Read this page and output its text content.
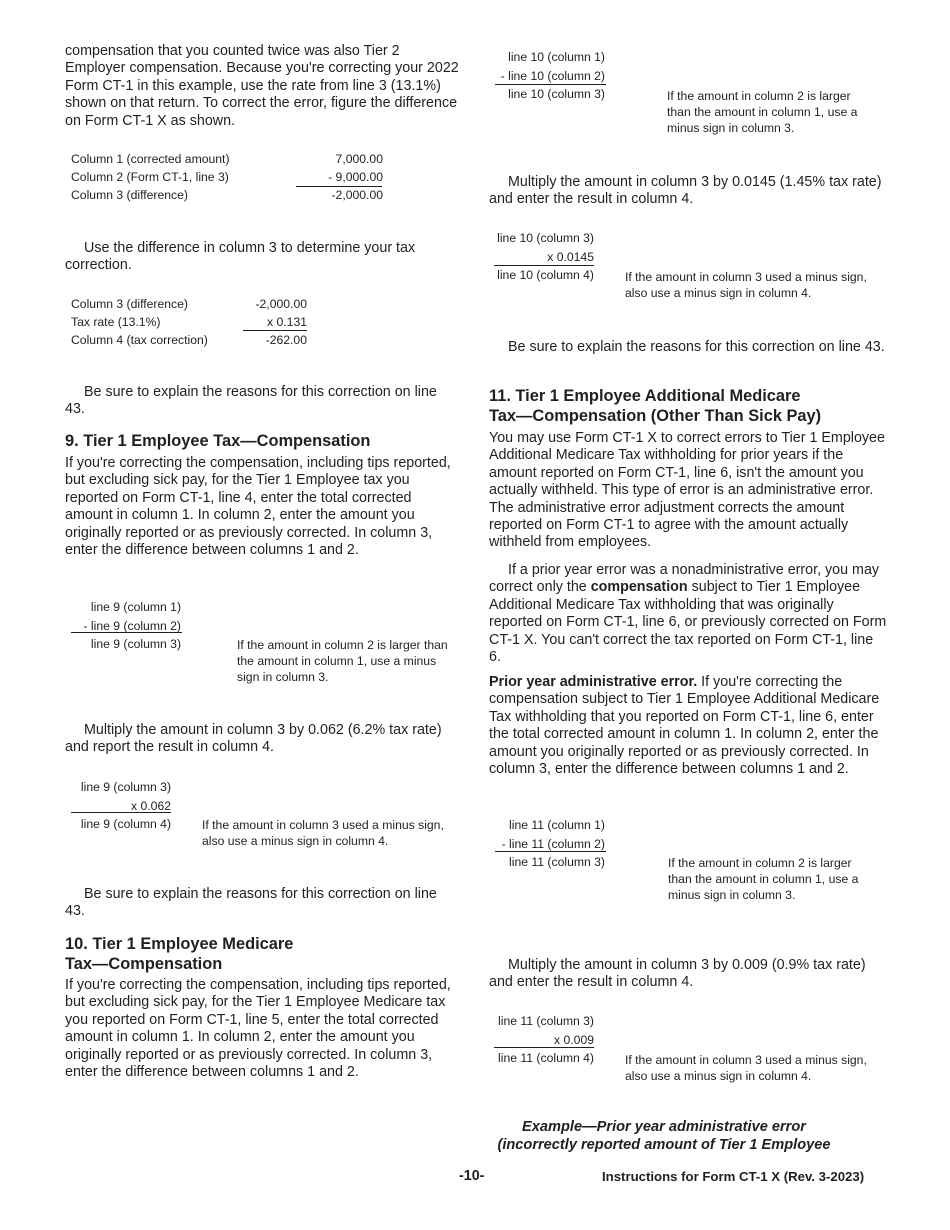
compensation that you counted twice was also Tier 2 Employer compensation. Because you're correcting your 2022 Form CT-1 in this example, use the rate from line 3 (13.1%) shown on that return. To correct the error, figure the difference on Form CT-1 X as shown.

Column 1 (corrected amount)	7,000.00
Column 2 (Form CT-1, line 3)	- 9,000.00
Column 3 (difference)	-2,000.00

Use the difference in column 3 to determine your tax correction.

Column 3 (difference)	-2,000.00
Tax rate (13.1%)	x 0.131
Column 4 (tax correction)	-262.00

Be sure to explain the reasons for this correction on line 43.

9. Tier 1 Employee Tax—Compensation

If you're correcting the compensation, including tips reported, but excluding sick pay, for the Tier 1 Employee tax you reported on Form CT-1, line 4, enter the total corrected amount in column 1. In column 2, enter the amount you originally reported or as previously corrected. In column 3, enter the difference between columns 1 and 2.

line 9 (column 1)
- line 9 (column 2)
line 9 (column 3)	If the amount in column 2 is larger than the amount in column 1, use a minus sign in column 3.

Multiply the amount in column 3 by 0.062 (6.2% tax rate) and report the result in column 4.

line 9 (column 3)
x 0.062
line 9 (column 4)	If the amount in column 3 used a minus sign, also use a minus sign in column 4.

Be sure to explain the reasons for this correction on line 43.

10. Tier 1 Employee Medicare
Tax—Compensation

If you're correcting the compensation, including tips reported, but excluding sick pay, for the Tier 1 Employee Medicare tax you reported on Form CT-1, line 5, enter the total corrected amount in column 1. In column 2, enter the amount you originally reported or as previously corrected. In column 3, enter the difference between columns 1 and 2.

line 10 (column 1)
- line 10 (column 2)
line 10 (column 3)	If the amount in column 2 is larger than the amount in column 1, use a minus sign in column 3.

Multiply the amount in column 3 by 0.0145 (1.45% tax rate) and enter the result in column 4.

line 10 (column 3)
x 0.0145
line 10 (column 4)	If the amount in column 3 used a minus sign, also use a minus sign in column 4.

Be sure to explain the reasons for this correction on line 43.

11. Tier 1 Employee Additional Medicare
Tax—Compensation (Other Than Sick Pay)

You may use Form CT-1 X to correct errors to Tier 1 Employee Additional Medicare Tax withholding for prior years if the amount reported on Form CT-1, line 6, isn't the amount you actually withheld. This type of error is an administrative error. The administrative error adjustment corrects the amount reported on Form CT-1 to agree with the amount actually withheld from employees.

If a prior year error was a nonadministrative error, you may correct only the compensation subject to Tier 1 Employee Additional Medicare Tax withholding that was originally reported on Form CT-1, line 6, or previously corrected on Form CT-1 X. You can't correct the tax reported on Form CT-1, line 6.

Prior year administrative error. If you're correcting the compensation subject to Tier 1 Employee Additional Medicare Tax withholding that you reported on Form CT-1, line 6, enter the total corrected amount in column 1. In column 2, enter the amount you originally reported or as previously corrected. In column 3, enter the difference between columns 1 and 2.

line 11 (column 1)
- line 11 (column 2)
line 11 (column 3)	If the amount in column 2 is larger than the amount in column 1, use a minus sign in column 3.

Multiply the amount in column 3 by 0.009 (0.9% tax rate) and enter the result in column 4.

line 11 (column 3)
x 0.009
line 11 (column 4)	If the amount in column 3 used a minus sign, also use a minus sign in column 4.
Example—Prior year administrative error
(incorrectly reported amount of Tier 1 Employee
-10-	Instructions for Form CT-1 X (Rev. 3-2023)
